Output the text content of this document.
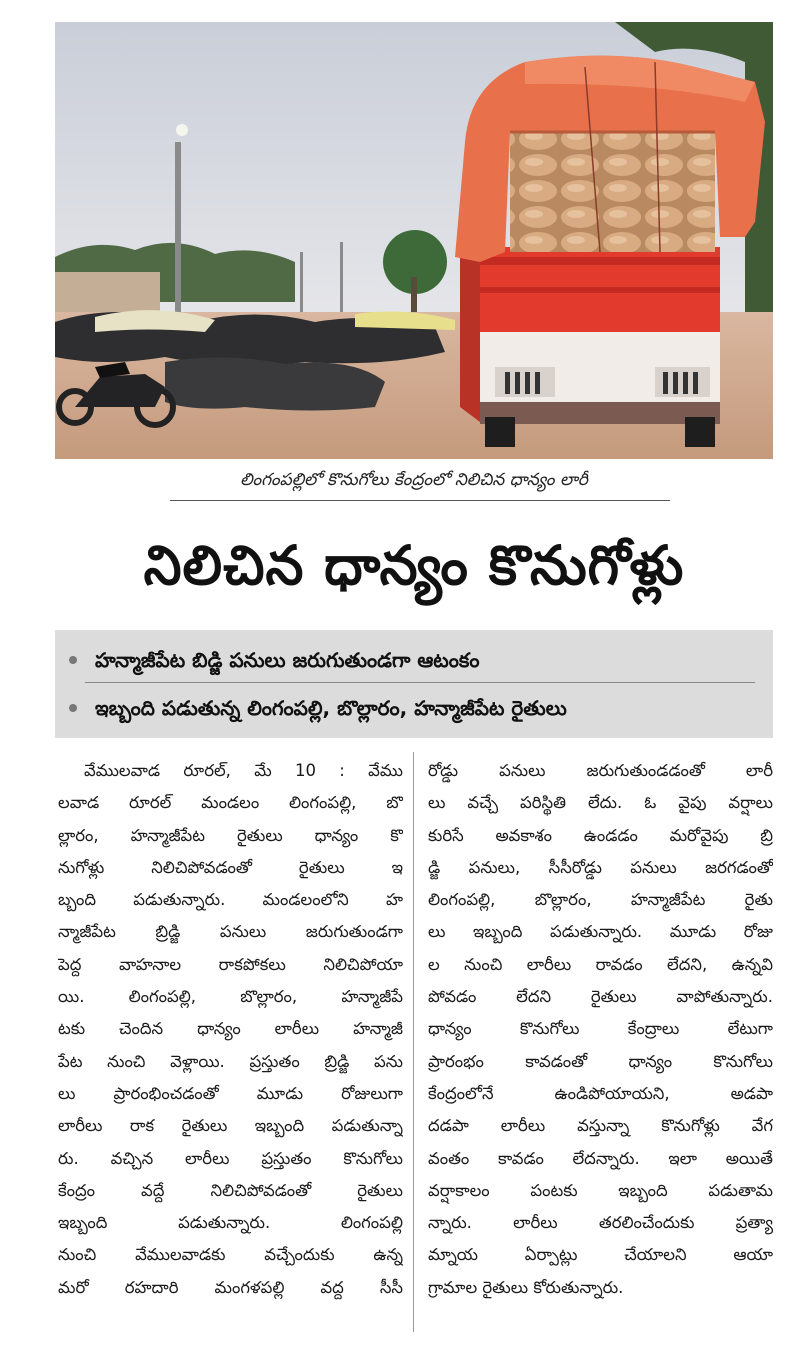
లింగంపల్లిలో కొనుగోలు కేంద్రంలో నిలిచిన ధాన్యం లారీ
నిలిచిన ధాన్యం కొనుగోళ్లు
హన్మాజీపేట బిడ్జి పనులు జరుగుతుండగా ఆటంకం
ఇబ్బంది పడుతున్న లింగంపల్లి, బొల్లారం, హన్మాజీపేట రైతులు
వేములవాడ రూరల్, మే 10 : వేము
లవాడ రూరల్ మండలం లింగంపల్లి, బొ
ల్లారం, హన్మాజీపేట రైతులు ధాన్యం కొ
నుగోళ్లు నిలిచిపోవడంతో రైతులు ఇ
బ్బంది పడుతున్నారు. మండలంలోని హ
న్మాజీపేట బ్రిడ్జి పనులు జరుగుతుండగా
పెద్ద వాహనాల రాకపోకలు నిలిచిపోయా
యి. లింగంపల్లి, బొల్లారం, హన్మాజీపే
టకు చెందిన ధాన్యం లారీలు హన్మాజీ
పేట నుంచి వెళ్లాయి. ప్రస్తుతం బ్రిడ్జి పను
లు ప్రారంభించడంతో మూడు రోజులుగా
లారీలు రాక రైతులు ఇబ్బంది పడుతున్నా
రు. వచ్చిన లారీలు ప్రస్తుతం కొనుగోలు
కేంద్రం వద్దే నిలిచిపోవడంతో రైతులు
ఇబ్బంది పడుతున్నారు. లింగంపల్లి
నుంచి వేములవాడకు వచ్చేందుకు ఉన్న
మరో రహదారి మంగళపల్లి వద్ద సీసీ
రోడ్డు పనులు జరుగుతుండడంతో లారీ
లు వచ్చే పరిస్థితి లేదు. ఓ వైపు వర్షాలు
కురిసే అవకాశం ఉండడం మరోవైపు బ్రి
డ్జి పనులు, సీసీరోడ్డు పనులు జరగడంతో
లింగంపల్లి, బొల్లారం, హన్మాజీపేట రైతు
లు ఇబ్బంది పడుతున్నారు. మూడు రోజు
ల నుంచి లారీలు రావడం లేదని, ఉన్నవి
పోవడం లేదని రైతులు వాపోతున్నారు.
ధాన్యం కొనుగోలు కేంద్రాలు లేటుగా
ప్రారంభం కావడంతో ధాన్యం కొనుగోలు
కేంద్రంలోనే ఉండిపోయాయని, అడపా
దడపా లారీలు వస్తున్నా కొనుగోళ్లు వేగ
వంతం కావడం లేదన్నారు. ఇలా అయితే
వర్షాకాలం పంటకు ఇబ్బంది పడుతామ
న్నారు. లారీలు తరలించేందుకు ప్రత్యా
మ్నాయ ఏర్పాట్లు చేయాలని ఆయా
గ్రామాల రైతులు కోరుతున్నారు.
